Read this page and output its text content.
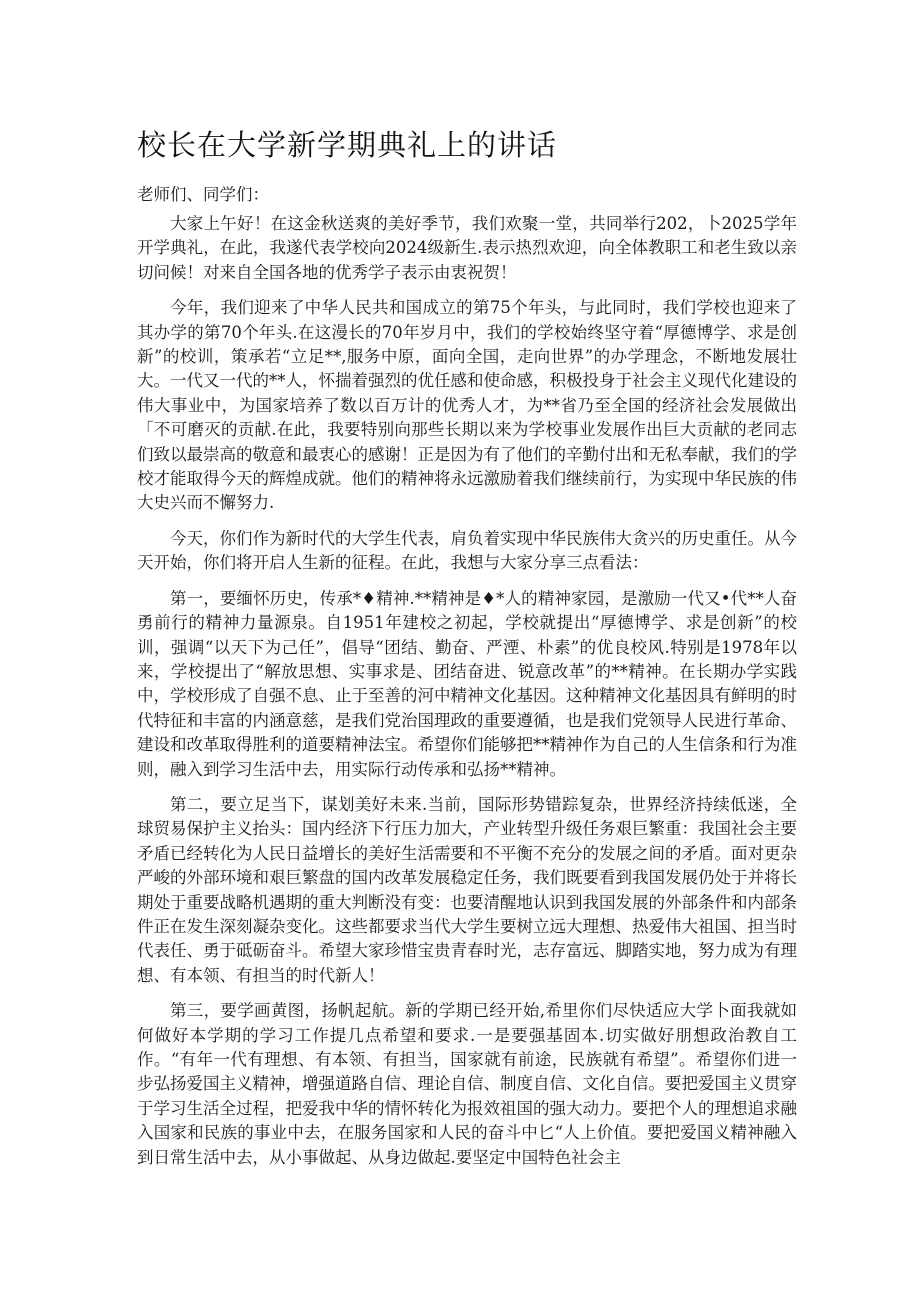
校长在大学新学期典礼上的讲话

老师们、同学们：

大家上午好！在这金秋送爽的美好季节，我们欢聚一堂，共同举行202，卜2025学年开学典礼，在此，我遂代表学校向2024级新生.表示热烈欢迎，向全体教职工和老生致以亲切问候！对来自全国各地的优秀学子表示由衷祝贺！

今年，我们迎来了中华人民共和国成立的第75个年头，与此同时，我们学校也迎来了其办学的第70个年头.在这漫长的70年岁月中，我们的学校始终坚守着“厚德博学、求是创新”的校训，策承若“立足**,服务中原，面向全国，走向世界”的办学理念，不断地发展壮大。一代又一代的**人，怀揣着强烈的优任感和使命感，积极投身于社会主义现代化建设的伟大事业中，为国家培养了数以百万计的优秀人才，为**省乃至全国的经济社会发展做出「不可磨灭的贡献.在此，我要特别向那些长期以来为学校事业发展作出巨大贡献的老同志们致以最崇高的敬意和最衷心的感谢！正是因为有了他们的辛勤付出和无私奉献，我们的学校才能取得今天的辉煌成就。他们的精神将永远激励着我们继续前行，为实现中华民族的伟大史兴而不懈努力.

今天，你们作为新时代的大学生代表，肩负着实现中华民族伟大贪兴的历史重任。从今天开始，你们将开启人生新的征程。在此，我想与大家分享三点看法：

第一，要缅怀历史，传承*♦精神.**精神是♦*人的精神家园，是激励一代又•代**人奋勇前行的精神力量源泉。自1951年建校之初起，学校就提出“厚德博学、求是创新”的校训，强调“以天下为己任”，倡导“团结、勤奋、严湮、朴素”的优良校风.特别是1978年以来，学校提出了“解放思想、实事求是、团结奋进、锐意改革”的**精神。在长期办学实践中，学校形成了自强不息、止于至善的河中精神文化基因。这种精神文化基因具有鲜明的时代特征和丰富的内涵意慈，是我们党治国理政的重要遵循，也是我们党领导人民进行革命、建设和改革取得胜利的道要精神法宝。希望你们能够把**精神作为自己的人生信条和行为准则，融入到学习生活中去，用实际行动传承和弘扬**精神。

第二，要立足当下，谋划美好未来.当前，国际形势错踪复杂，世界经济持续低迷，全球贸易保护主义抬头：国内经济下行压力加大，产业转型升级任务艰巨繁重：我国社会主要矛盾已经转化为人民日益增长的美好生活需要和不平衡不充分的发展之间的矛盾。面对更杂严峻的外部环境和艰巨繁盘的国内改革发展稳定任务，我们既要看到我国发展仍处于并将长期处于重要战略机遇期的重大判断没有变：也要清醒地认识到我国发展的外部条件和内部条件正在发生深刻凝杂变化。这些都要求当代大学生要树立远大理想、热爱伟大祖国、担当时代表任、勇于砥砺奋斗。希望大家珍惜宝贵青春时光，志存富远、脚踏实地，努力成为有理想、有本领、有担当的时代新人！

第三，要学画黄图，扬帆起航。新的学期已经开始,希里你们尽快适应大学卜面我就如何做好本学期的学习工作提几点希望和要求.一是要强基固本.切实做好朋想政治教自工作。“有年一代有理想、有本领、有担当，国家就有前途，民族就有希望”。希望你们进一步弘扬爱国主义精神，增强道路自信、理论自信、制度自信、文化自信。要把爱国主义贯穿于学习生活全过程，把爱我中华的情怀转化为报效祖国的强大动力。要把个人的理想追求融入国家和民族的事业中去，在服务国家和人民的奋斗中匕“人上价值。要把爱国义精神融入到日常生活中去，从小事做起、从身边做起.要坚定中国特色社会主
